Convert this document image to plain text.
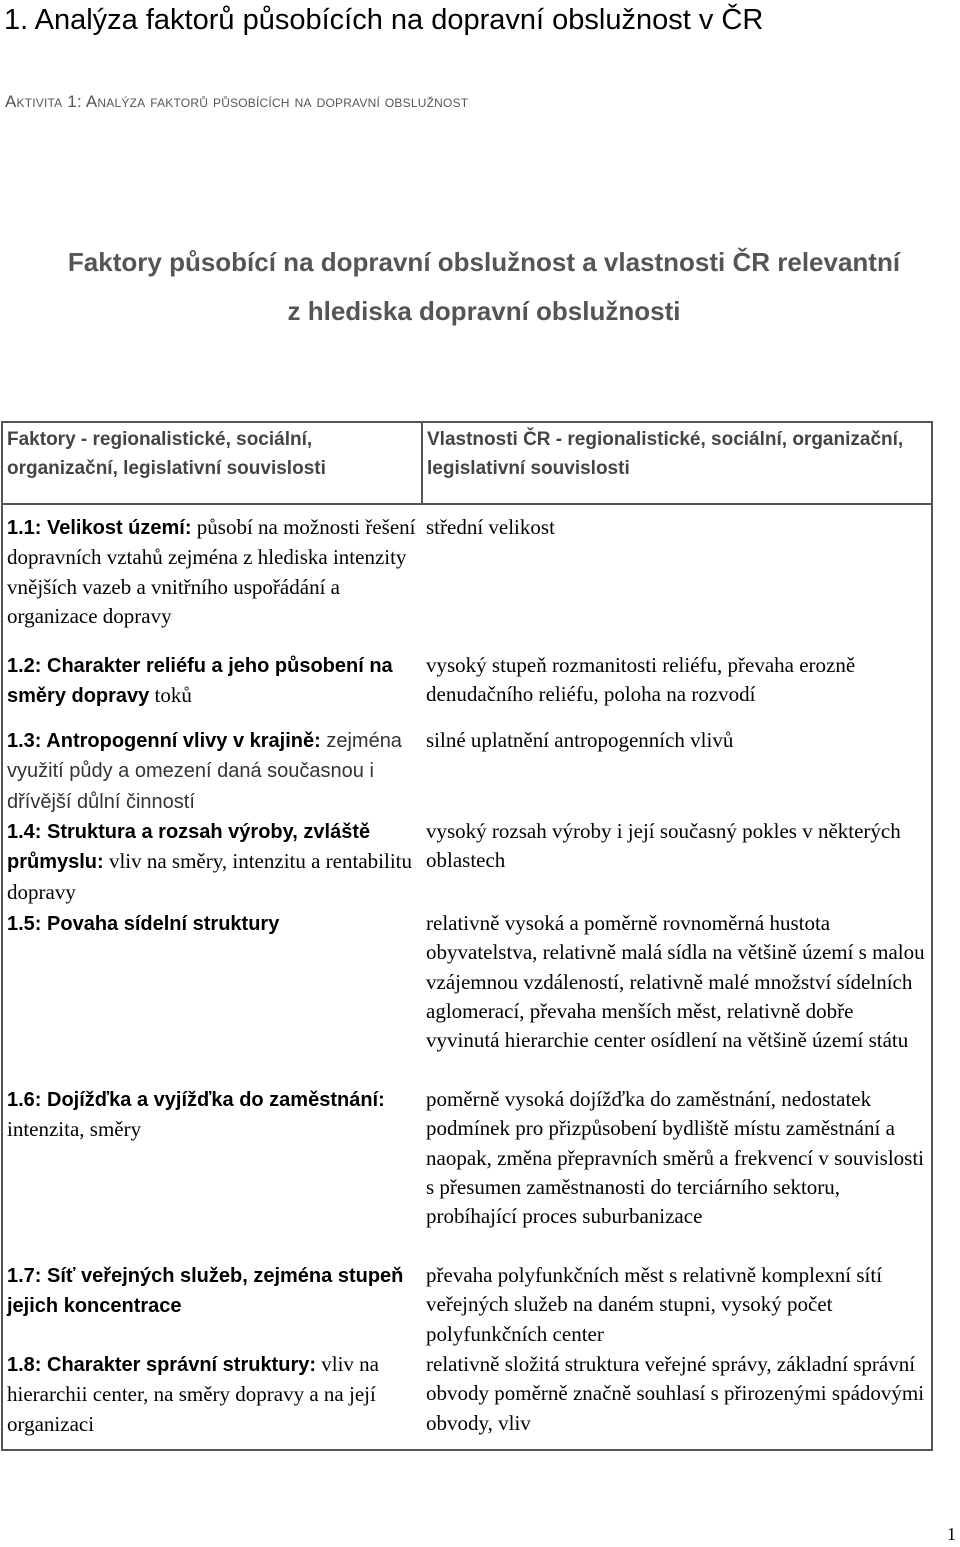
1. Analýza faktorů působících na dopravní obslužnost v ČR
Aktivita 1: Analýza faktorů působících na dopravní obslužnost
Faktory působící na dopravní obslužnost a vlastnosti ČR relevantní
z hlediska dopravní obslužnosti
Faktory - regionalistické, sociální, organizační, legislativní souvislosti	Vlastnosti ČR - regionalistické, sociální, organizační, legislativní souvislosti
1.1: Velikost území: působí na možnosti řešení dopravních vztahů zejména z hlediska intenzity vnějších vazeb a vnitřního uspořádání a organizace dopravy	střední velikost
1.2: Charakter reliéfu a jeho působení na směry dopravy toků	vysoký stupeň rozmanitosti reliéfu, převaha erozně denudačního reliéfu, poloha na rozvodí
1.3: Antropogenní vlivy v krajině: zejména využití půdy a omezení daná současnou i dřívější důlní činností	silné uplatnění antropogenních vlivů
1.4: Struktura a rozsah výroby, zvláště průmyslu: vliv na směry, intenzitu a rentabilitu dopravy	vysoký rozsah výroby i její současný pokles v některých oblastech
1.5: Povaha sídelní struktury	relativně vysoká a poměrně rovnoměrná hustota obyvatelstva, relativně malá sídla na většině území s malou vzájemnou vzdáleností, relativně malé množství sídelních aglomerací, převaha menších měst, relativně dobře vyvinutá hierarchie center osídlení na většině území státu
1.6: Dojížďka a vyjížďka do zaměstnání: intenzita, směry	poměrně vysoká dojížďka do zaměstnání, nedostatek podmínek pro přizpůsobení bydliště místu zaměstnání a naopak, změna přepravních směrů a frekvencí v souvislosti s přesumen zaměstnanosti do terciárního sektoru, probíhající proces suburbanizace
1.7: Síť veřejných služeb, zejména stupeň jejich koncentrace	převaha polyfunkčních měst s relativně komplexní sítí veřejných služeb na daném stupni, vysoký počet polyfunkčních center
1.8: Charakter správní struktury: vliv na hierarchii center, na směry dopravy a na její organizaci	relativně složitá struktura veřejné správy, základní správní obvody poměrně značně souhlasí s přirozenými spádovými obvody, vliv
1
